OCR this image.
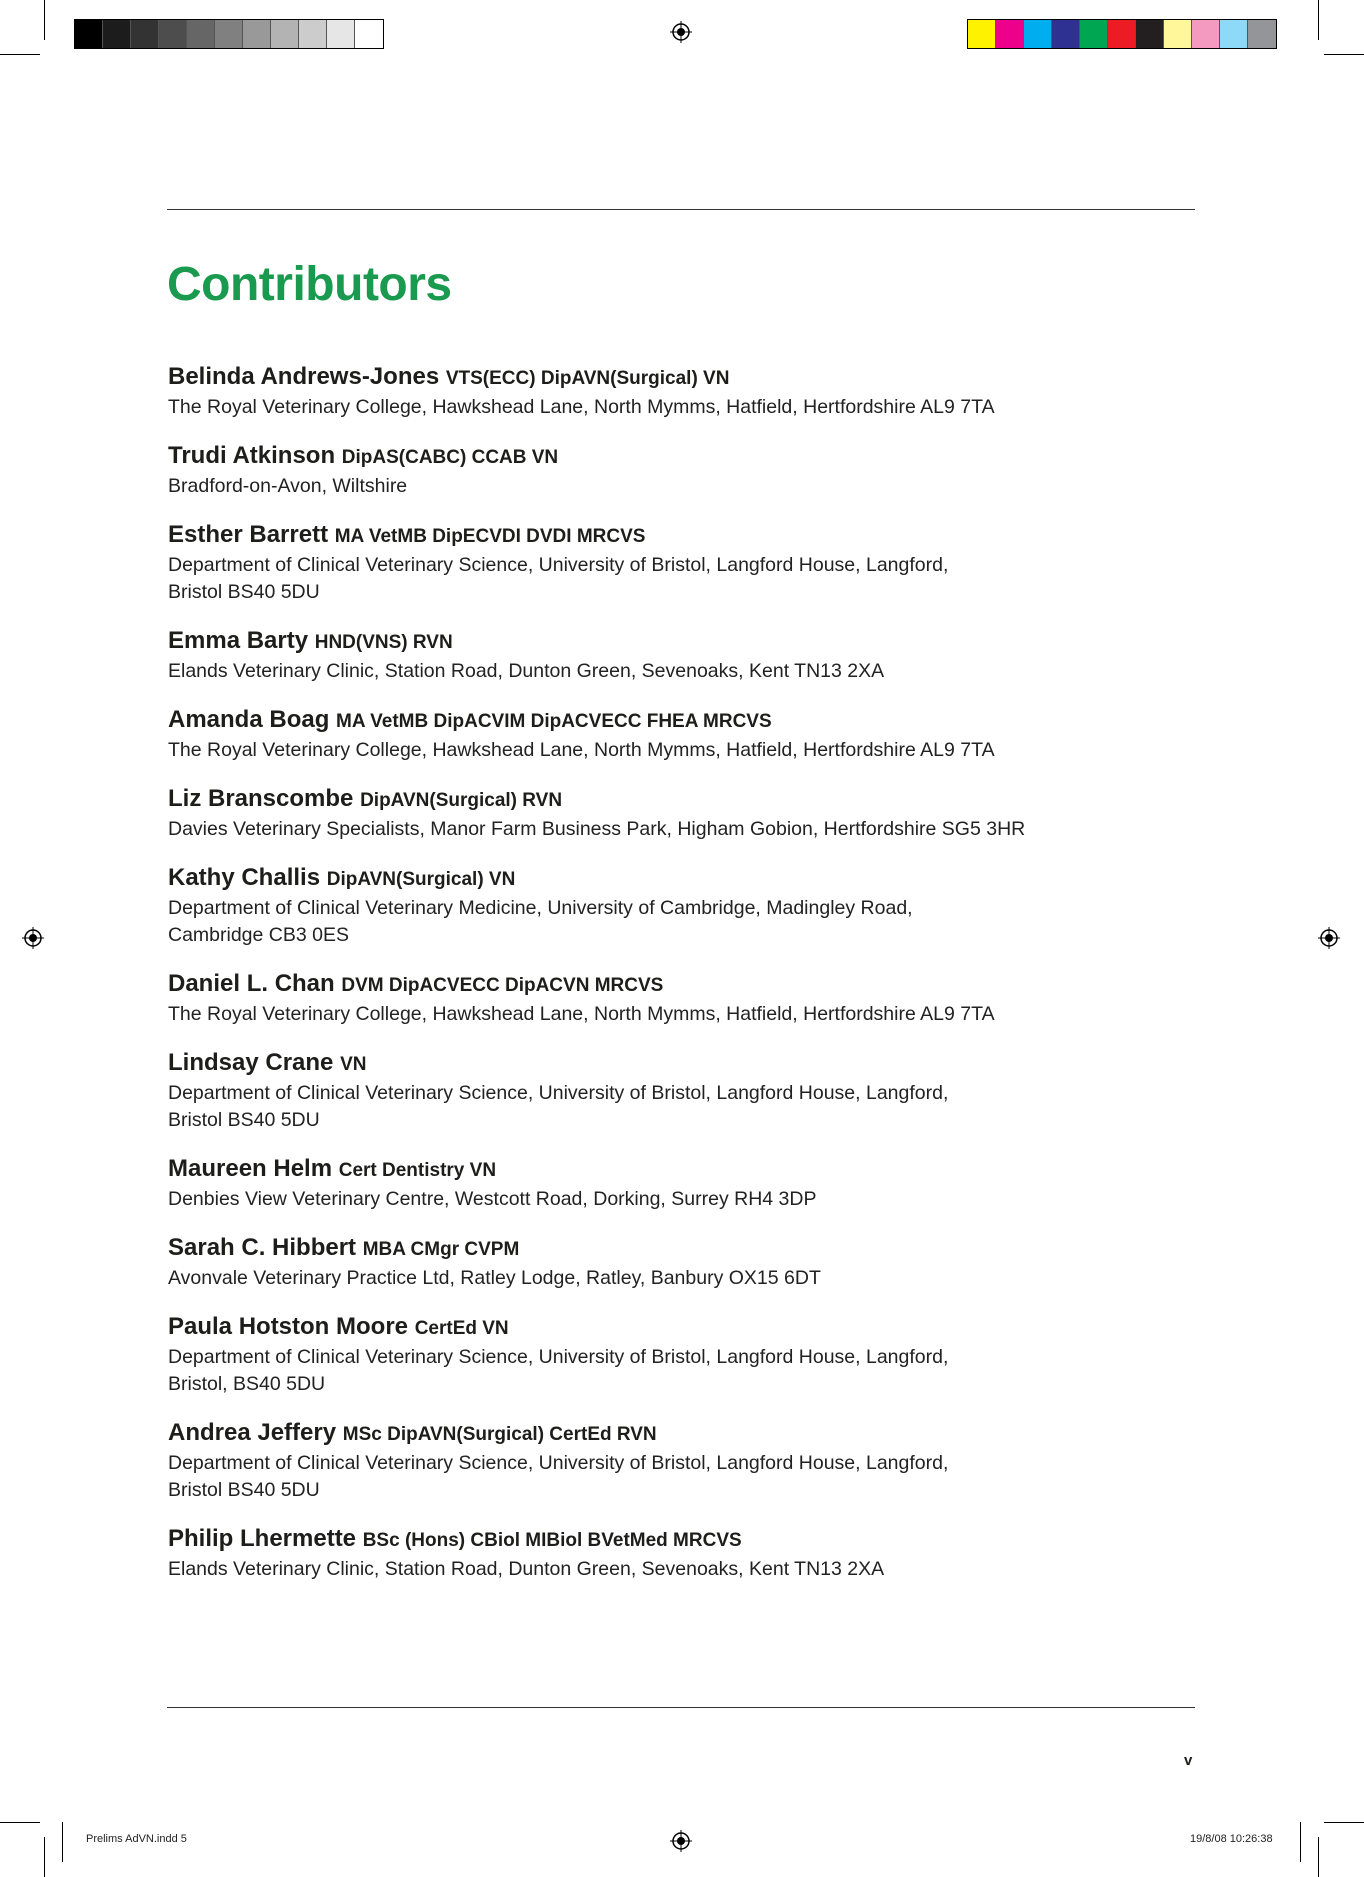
Contributors
Belinda Andrews-Jones VTS(ECC) DipAVN(Surgical) VN
The Royal Veterinary College, Hawkshead Lane, North Mymms, Hatfield, Hertfordshire AL9 7TA
Trudi Atkinson DipAS(CABC) CCAB VN
Bradford-on-Avon, Wiltshire
Esther Barrett MA VetMB DipECVDI DVDI MRCVS
Department of Clinical Veterinary Science, University of Bristol, Langford House, Langford,
Bristol BS40 5DU
Emma Barty HND(VNS) RVN
Elands Veterinary Clinic, Station Road, Dunton Green, Sevenoaks, Kent TN13 2XA
Amanda Boag MA VetMB DipACVIM DipACVECC FHEA MRCVS
The Royal Veterinary College, Hawkshead Lane, North Mymms, Hatfield, Hertfordshire AL9 7TA
Liz Branscombe DipAVN(Surgical) RVN
Davies Veterinary Specialists, Manor Farm Business Park, Higham Gobion, Hertfordshire SG5 3HR
Kathy Challis DipAVN(Surgical) VN
Department of Clinical Veterinary Medicine, University of Cambridge, Madingley Road,
Cambridge CB3 0ES
Daniel L. Chan DVM DipACVECC DipACVN MRCVS
The Royal Veterinary College, Hawkshead Lane, North Mymms, Hatfield, Hertfordshire AL9 7TA
Lindsay Crane VN
Department of Clinical Veterinary Science, University of Bristol, Langford House, Langford,
Bristol BS40 5DU
Maureen Helm Cert Dentistry VN
Denbies View Veterinary Centre, Westcott Road, Dorking, Surrey RH4 3DP
Sarah C. Hibbert MBA CMgr CVPM
Avonvale Veterinary Practice Ltd, Ratley Lodge, Ratley, Banbury OX15 6DT
Paula Hotston Moore CertEd VN
Department of Clinical Veterinary Science, University of Bristol, Langford House, Langford,
Bristol, BS40 5DU
Andrea Jeffery MSc DipAVN(Surgical) CertEd RVN
Department of Clinical Veterinary Science, University of Bristol, Langford House, Langford,
Bristol BS40 5DU
Philip Lhermette BSc (Hons) CBiol MIBiol BVetMed MRCVS
Elands Veterinary Clinic, Station Road, Dunton Green, Sevenoaks, Kent TN13 2XA
v
Prelims AdVN.indd 5	19/8/08 10:26:38
